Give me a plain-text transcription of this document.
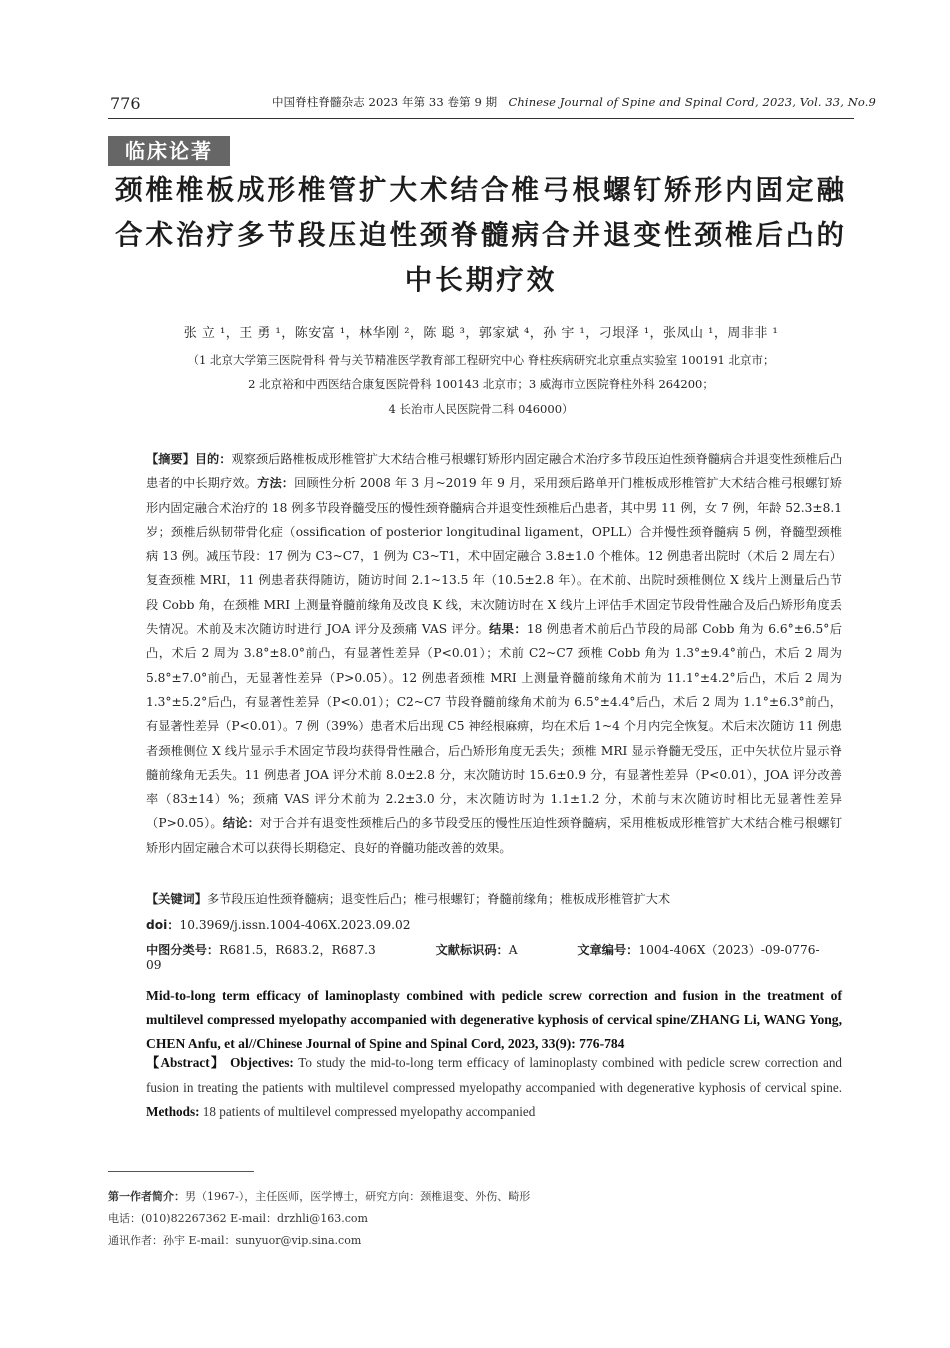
776	中国脊柱脊髓杂志 2023 年第 33 卷第 9 期 Chinese Journal of Spine and Spinal Cord, 2023, Vol. 33, No.9
临床论著
颈椎椎板成形椎管扩大术结合椎弓根螺钉矫形内固定融合术治疗多节段压迫性颈脊髓病合并退变性颈椎后凸的中长期疗效
张 立 ¹，王 勇 ¹，陈安富 ¹，林华刚 ²，陈 聪 ³，郭家斌 ⁴，孙 宇 ¹，刁垠泽 ¹，张凤山 ¹，周非非 ¹
（1 北京大学第三医院骨科 骨与关节精准医学教育部工程研究中心 脊柱疾病研究北京重点实验室 100191 北京市；
2 北京裕和中西医结合康复医院骨科 100143 北京市；3 威海市立医院脊柱外科 264200；
4 长治市人民医院骨二科 046000）
【摘要】目的：观察颈后路椎板成形椎管扩大术结合椎弓根螺钉矫形内固定融合术治疗多节段压迫性颈脊髓病合并退变性颈椎后凸患者的中长期疗效。方法：回顾性分析 2008 年 3 月~2019 年 9 月，采用颈后路单开门椎板成形椎管扩大术结合椎弓根螺钉矫形内固定融合术治疗的 18 例多节段脊髓受压的慢性颈脊髓病合并退变性颈椎后凸患者，其中男 11 例，女 7 例，年龄 52.3±8.1 岁；颈椎后纵韧带骨化症（ossification of posterior longitudinal ligament，OPLL）合并慢性颈脊髓病 5 例，脊髓型颈椎病 13 例。减压节段：17 例为 C3~C7，1 例为 C3~T1，术中固定融合 3.8±1.0 个椎体。12 例患者出院时（术后 2 周左右）复查颈椎 MRI，11 例患者获得随访，随访时间 2.1~13.5 年（10.5±2.8 年）。在术前、出院时颈椎侧位 X 线片上测量后凸节段 Cobb 角，在颈椎 MRI 上测量脊髓前缘角及改良 K 线，末次随访时在 X 线片上评估手术固定节段骨性融合及后凸矫形角度丢失情况。术前及末次随访时进行 JOA 评分及颈痛 VAS 评分。结果：18 例患者术前后凸节段的局部 Cobb 角为 6.6°±6.5°后凸，术后 2 周为 3.8°±8.0°前凸，有显著性差异（P<0.01）；术前 C2~C7 颈椎 Cobb 角为 1.3°±9.4°前凸，术后 2 周为 5.8°±7.0°前凸，无显著性差异（P>0.05）。12 例患者颈椎 MRI 上测量脊髓前缘角术前为 11.1°±4.2°后凸，术后 2 周为 1.3°±5.2°后凸，有显著性差异（P<0.01）；C2~C7 节段脊髓前缘角术前为 6.5°±4.4°后凸，术后 2 周为 1.1°±6.3°前凸，有显著性差异（P<0.01）。7 例（39%）患者术后出现 C5 神经根麻痹，均在术后 1~4 个月内完全恢复。术后末次随访 11 例患者颈椎侧位 X 线片显示手术固定节段均获得骨性融合，后凸矫形角度无丢失；颈椎 MRI 显示脊髓无受压，正中矢状位片显示脊髓前缘角无丢失。11 例患者 JOA 评分术前 8.0±2.8 分，末次随访时 15.6±0.9 分，有显著性差异（P<0.01），JOA 评分改善率（83±14）%；颈痛 VAS 评分术前为 2.2±3.0 分，末次随访时为 1.1±1.2 分，术前与末次随访时相比无显著性差异（P>0.05）。结论：对于合并有退变性颈椎后凸的多节段受压的慢性压迫性颈脊髓病，采用椎板成形椎管扩大术结合椎弓根螺钉矫形内固定融合术可以获得长期稳定、良好的脊髓功能改善的效果。
【关键词】多节段压迫性颈脊髓病；退变性后凸；椎弓根螺钉；脊髓前缘角；椎板成形椎管扩大术
doi：10.3969/j.issn.1004-406X.2023.09.02
中图分类号：R681.5，R683.2，R687.3	文献标识码：A	文章编号：1004-406X（2023）-09-0776-09
Mid-to-long term efficacy of laminoplasty combined with pedicle screw correction and fusion in the treatment of multilevel compressed myelopathy accompanied with degenerative kyphosis of cervical spine/ZHANG Li, WANG Yong, CHEN Anfu, et al//Chinese Journal of Spine and Spinal Cord, 2023, 33(9): 776-784
【Abstract】 Objectives: To study the mid-to-long term efficacy of laminoplasty combined with pedicle screw correction and fusion in treating the patients with multilevel compressed myelopathy accompanied with degenerative kyphosis of cervical spine. Methods: 18 patients of multilevel compressed myelopathy accompanied
第一作者简介：男（1967-），主任医师，医学博士，研究方向：颈椎退变、外伤、畸形
电话：(010)82267362 E-mail：drzhli@163.com
通讯作者：孙宇 E-mail：sunyuor@vip.sina.com
